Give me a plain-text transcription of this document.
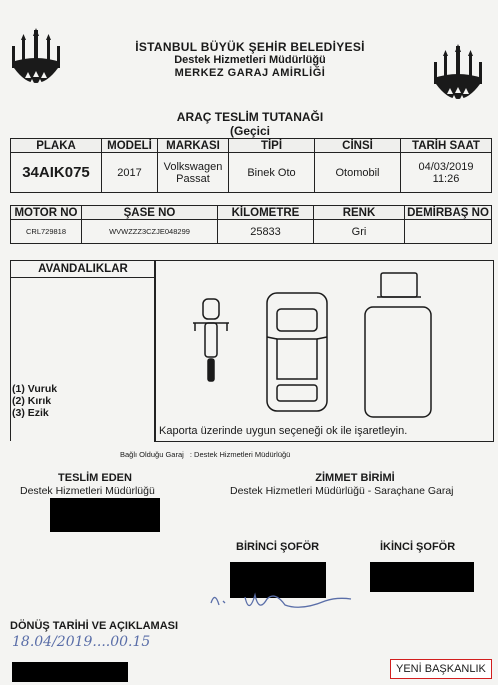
İSTANBUL BÜYÜK ŞEHİR BELEDİYESİ
Destek Hizmetleri Müdürlüğü
MERKEZ GARAJ AMİRLİĞİ
ARAÇ TESLİM TUTANAĞI
(Geçici
PLAKA	MODELİ	MARKASI	TİPİ	CİNSİ	TARİH SAAT
34AIK075	2017	Volkswagen Passat	Binek Oto	Otomobil	04/03/2019 11:26
MOTOR NO	ŞASE NO	KİLOMETRE	RENK	DEMİRBAŞ NO
CRL729818	WVWZZZ3CZJE048299	25833	Gri	
AVANDALIKLAR
(1) Vuruk
(2) Kırık
(3) Ezik
Kaporta üzerinde uygun seçeneği ok ile işaretleyin.
Bağlı Olduğu Garaj : Destek Hizmetleri Müdürlüğü
TESLİM EDEN
Destek Hizmetleri Müdürlüğü
ZİMMET BİRİMİ
Destek Hizmetleri Müdürlüğü - Saraçhane Garaj
BİRİNCİ ŞOFÖR	İKİNCİ ŞOFÖR
DÖNÜŞ TARİHİ VE AÇIKLAMASI
18.04/2019....00.15
YENİ BAŞKANLIK
